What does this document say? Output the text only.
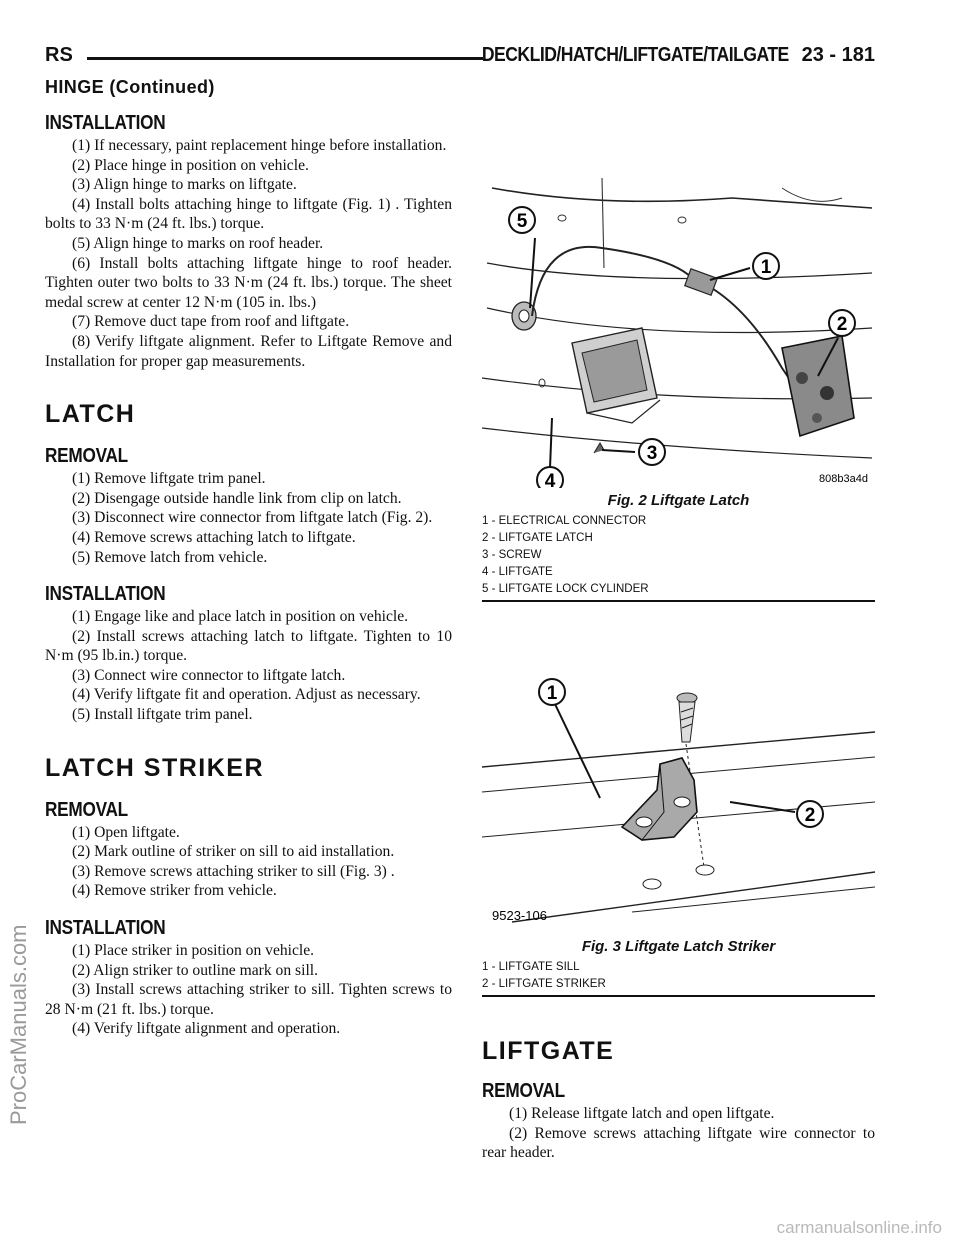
RS	DECKLID/HATCH/LIFTGATE/TAILGATE 23 - 181
HINGE (Continued)
INSTALLATION

(1) If necessary, paint replacement hinge before installation.

(2) Place hinge in position on vehicle.

(3) Align hinge to marks on liftgate.

(4) Install bolts attaching hinge to liftgate (Fig. 1) . Tighten bolts to 33 N·m (24 ft. lbs.) torque.

(5) Align hinge to marks on roof header.

(6) Install bolts attaching liftgate hinge to roof header. Tighten outer two bolts to 33 N·m (24 ft. lbs.) torque. The sheet medal screw at center 12 N·m (105 in. lbs.)

(7) Remove duct tape from roof and liftgate.

(8) Verify liftgate alignment. Refer to Liftgate Remove and Installation for proper gap measurements.

LATCH
REMOVAL

(1) Remove liftgate trim panel.

(2) Disengage outside handle link from clip on latch.

(3) Disconnect wire connector from liftgate latch (Fig. 2).

(4) Remove screws attaching latch to liftgate.

(5) Remove latch from vehicle.

INSTALLATION

(1) Engage like and place latch in position on vehicle.

(2) Install screws attaching latch to liftgate. Tighten to 10 N·m (95 lb.in.) torque.

(3) Connect wire connector to liftgate latch.

(4) Verify liftgate fit and operation. Adjust as necessary.

(5) Install liftgate trim panel.

LATCH STRIKER
REMOVAL

(1) Open liftgate.

(2) Mark outline of striker on sill to aid installation.

(3) Remove screws attaching striker to sill (Fig. 3) .

(4) Remove striker from vehicle.

INSTALLATION

(1) Place striker in position on vehicle.

(2) Align striker to outline mark on sill.

(3) Install screws attaching striker to sill. Tighten screws to 28 N·m (21 ft. lbs.) torque.

(4) Verify liftgate alignment and operation.

5
1
2
3
4	808b3a4d
Fig. 2 Liftgate Latch
1 - ELECTRICAL CONNECTOR
2 - LIFTGATE LATCH
3 - SCREW
4 - LIFTGATE
5 - LIFTGATE LOCK CYLINDER
1
2
9523-106
Fig. 3 Liftgate Latch Striker
1 - LIFTGATE SILL
2 - LIFTGATE STRIKER
LIFTGATE
REMOVAL

(1) Release liftgate latch and open liftgate.

(2) Remove screws attaching liftgate wire connector to rear header.

ProCarManuals.com
carmanualsonline.info
